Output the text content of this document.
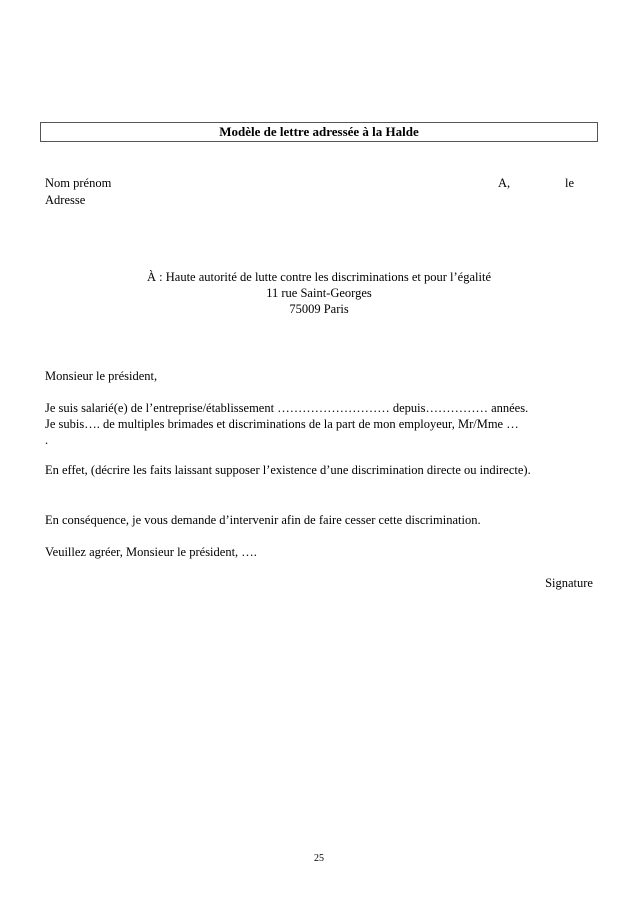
Modèle de lettre adressée à la Halde
Nom prénom	A,	le
Adresse
À : Haute autorité de lutte contre les discriminations et pour l’égalité
11 rue Saint-Georges
75009 Paris
Monsieur le président,
Je suis salarié(e) de l’entreprise/établissement ……………………… depuis…………… années.
Je subis…. de multiples brimades et discriminations de la part de mon employeur, Mr/Mme …
.
En effet, (décrire les faits laissant supposer l’existence d’une discrimination directe ou indirecte).
En conséquence, je vous demande d’intervenir afin de faire cesser cette discrimination.
Veuillez agréer, Monsieur le président, ….
Signature
25
